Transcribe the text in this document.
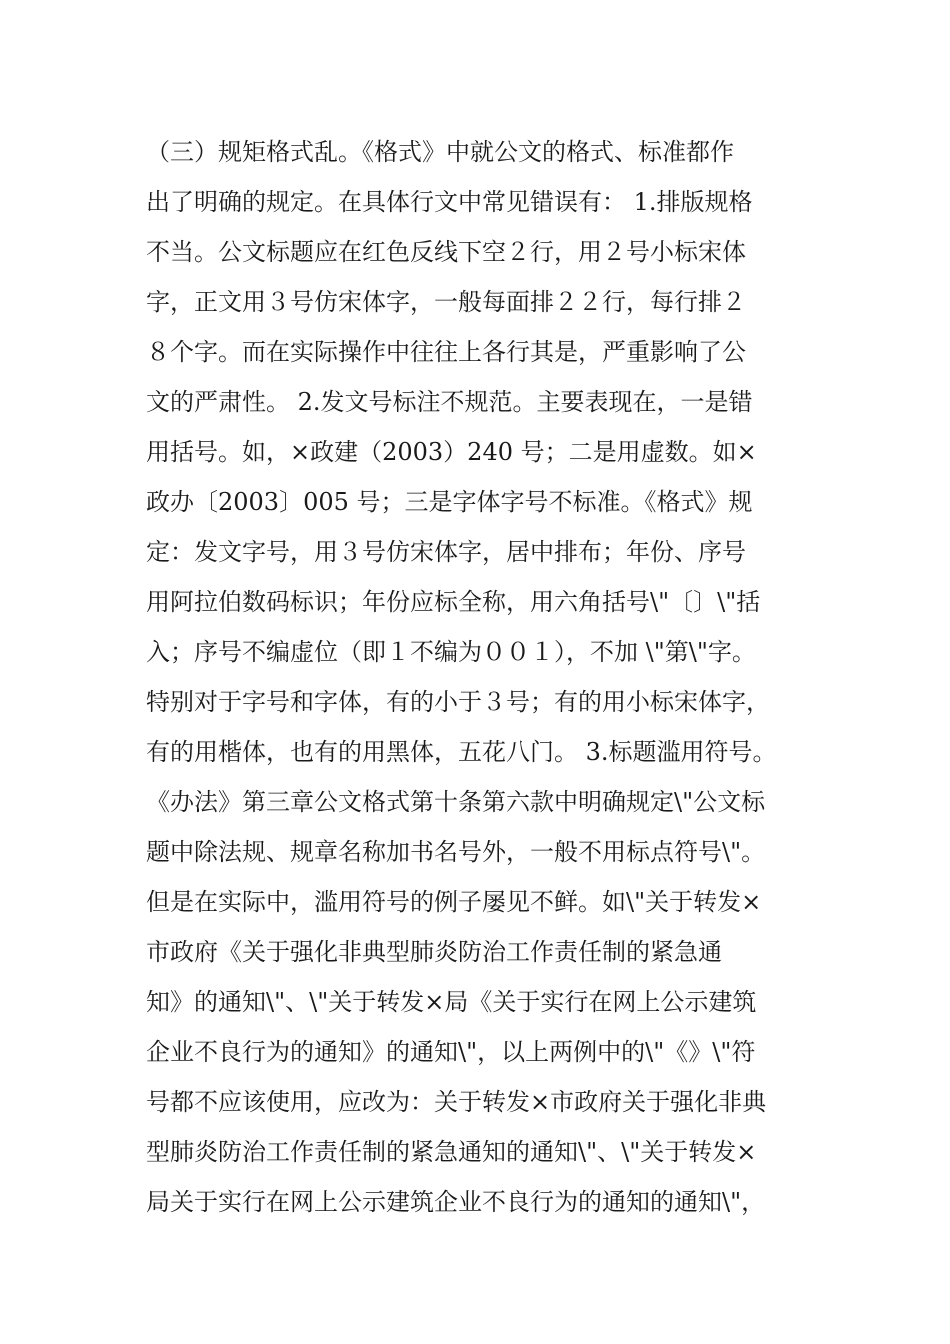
（三）规矩格式乱。《格式》中就公文的格式、标准都作
出了明确的规定。在具体行文中常见错误有： 1.排版规格
不当。公文标题应在红色反线下空２行，用２号小标宋体
字，正文用３号仿宋体字，一般每面排２２行，每行排２
８个字。而在实际操作中往往上各行其是，严重影响了公
文的严肃性。 2.发文号标注不规范。主要表现在，一是错
用括号。如，×政建（2003）240 号；二是用虚数。如×
政办〔2003〕005 号；三是字体字号不标准。《格式》规
定：发文字号，用３号仿宋体字，居中排布；年份、序号
用阿拉伯数码标识；年份应标全称，用六角括号\"〔〕\"括
入；序号不编虚位（即１不编为００１），不加 \"第\"字。
特别对于字号和字体，有的小于３号；有的用小标宋体字，
有的用楷体，也有的用黑体，五花八门。 3.标题滥用符号。
《办法》第三章公文格式第十条第六款中明确规定\"公文标
题中除法规、规章名称加书名号外，一般不用标点符号\"。
但是在实际中，滥用符号的例子屡见不鲜。如\"关于转发×
市政府《关于强化非典型肺炎防治工作责任制的紧急通
知》的通知\"、\"关于转发×局《关于实行在网上公示建筑
企业不良行为的通知》的通知\"，以上两例中的\"《》\"符
号都不应该使用，应改为：关于转发×市政府关于强化非典
型肺炎防治工作责任制的紧急通知的通知\"、\"关于转发×
局关于实行在网上公示建筑企业不良行为的通知的通知\"，
